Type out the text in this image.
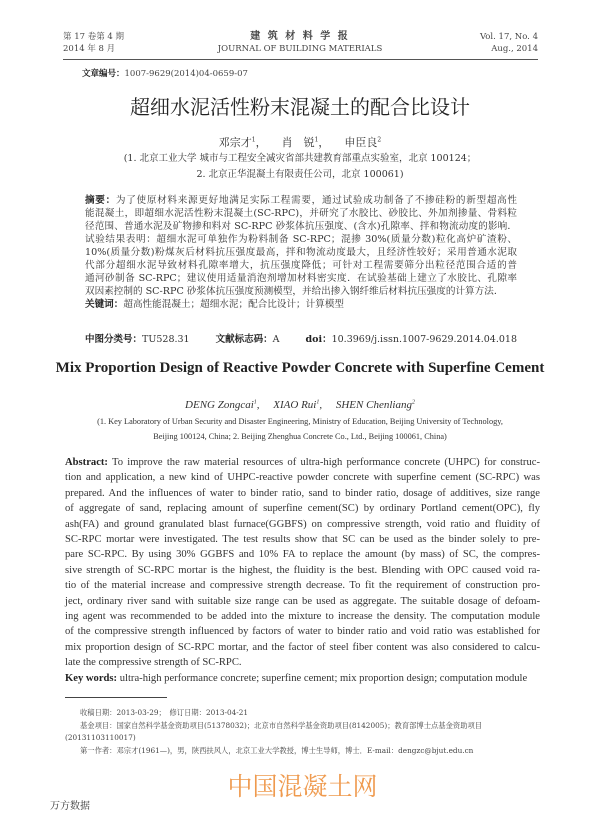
第 17 卷第 4 期
2014 年 8 月
建 筑 材 料 学 报
JOURNAL OF BUILDING MATERIALS
Vol. 17, No. 4
Aug., 2014
文章编号：1007-9629(2014)04-0659-07
超细水泥活性粉末混凝土的配合比设计
邓宗才$^1$，　 肖　锐$^1$，　 申臣良$^2$
(1. 北京工业大学 城市与工程安全减灾省部共建教育部重点实验室，北京 100124；
2. 北京正华混凝土有限责任公司，北京 100061)
摘要：为了使原材料来源更好地满足实际工程需要，通过试验成功制备了不掺硅粉的新型超高性
能混凝土，即超细水泥活性粉末混凝土(SC-RPC)，并研究了水胶比、砂胶比、外加剂掺量、骨料粒
径范围、普通水泥及矿物掺和料对 SC-RPC 砂浆体抗压强度、(含水)孔隙率、拌和物流动度的影响．
试验结果表明：超细水泥可单独作为粉料制备 SC-RPC；混掺 30%(质量分数)粒化高炉矿渣粉、
10%(质量分数)粉煤灰后材料抗压强度最高，拌和物流动度最大，且经济性较好；采用普通水泥取
代部分超细水泥导致材料孔隙率增大，抗压强度降低；可针对工程需要筛分出粒径范围合适的普
通河砂制备 SC-RPC；建议使用适量消泡剂增加材料密实度．在试验基础上建立了水胶比、孔隙率
双因素控制的 SC-RPC 砂浆体抗压强度预测模型，并给出掺入钢纤维后材料抗压强度的计算方法．
关键词：超高性能混凝土；超细水泥；配合比设计；计算模型
中图分类号：TU528.31	文献标志码：A	doi：10.3969/j.issn.1007-9629.2014.04.018
Mix Proportion Design of Reactive Powder Concrete with Superfine Cement
DENG Zongcai$^1$,　 XIAO Rui$^1$,　 SHEN Chenliang$^2$
(1. Key Laboratory of Urban Security and Disaster Engineering, Ministry of Education, Beijing University of Technology,
Beijing 100124, China; 2. Beijing Zhenghua Concrete Co., Ltd., Beijing 100061, China)
Abstract: To improve the raw material resources of ultra-high performance concrete (UHPC) for construc-
tion and application, a new kind of UHPC-reactive powder concrete with superfine cement (SC-RPC) was
prepared. And the influences of water to binder ratio, sand to binder ratio, dosage of additives, size range
of aggregate of sand, replacing amount of superfine cement(SC) by ordinary Portland cement(OPC), fly
ash(FA) and ground granulated blast furnace(GGBFS) on compressive strength, void ratio and fluidity of
SC-RPC mortar were investigated. The test results show that SC can be used as the binder solely to pre-
pare SC-RPC. By using 30% GGBFS and 10% FA to replace the amount (by mass) of SC, the compres-
sive strength of SC-RPC mortar is the highest, the fluidity is the best. Blending with OPC caused void ra-
tio of the material increase and compressive strength decrease. To fit the requirement of construction pro-
ject, ordinary river sand with suitable size range can be used as aggregate. The suitable dosage of defoam-
ing agent was recommended to be added into the mixture to increase the density. The computation module
of the compressive strength influenced by factors of water to binder ratio and void ratio was established for
mix proportion design of SC-RPC mortar, and the factor of steel fiber content was also considered to calcu-
late the compressive strength of SC-RPC.
Key words: ultra-high performance concrete; superfine cement; mix proportion design; computation module
收稿日期：2013-03-29；　修订日期：2013-04-21
基金项目：国家自然科学基金资助项目(51378032)；北京市自然科学基金资助项目(8142005)；教育部博士点基金资助项目
(20131103110017)
第一作者：邓宗才(1961—)，男，陕西扶风人，北京工业大学教授，博士生导师，博士．E-mail：dengzc@bjut.edu.cn
中国混凝土网
万方数据
